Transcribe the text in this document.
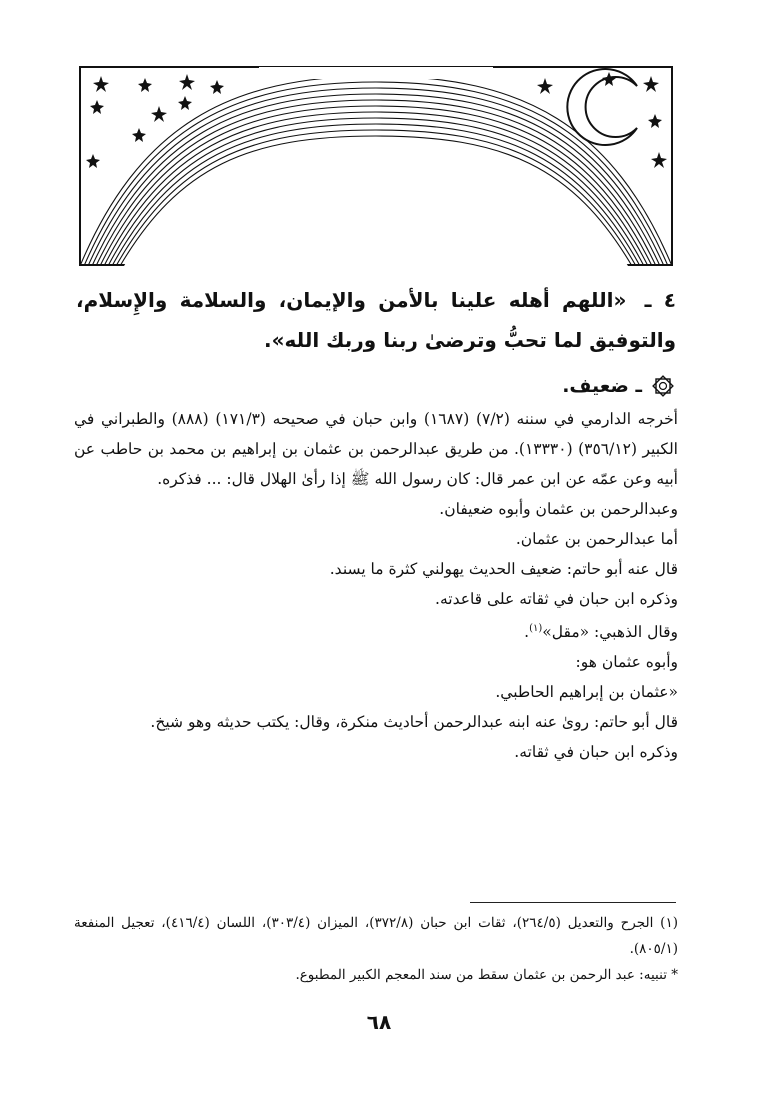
٤ ـ «اللهم أهله علينا بالأمن والإيمان، والسلامة والإِسلام، والتوفيق لما تحبُّ وترضىٰ ربنا وربك الله».
ـ ضعيف.

أخرجه الدارمي في سننه (٧/٢) (١٦٨٧) وابن حبان في صحيحه (١٧١/٣) (٨٨٨) والطبراني في الكبير (٣٥٦/١٢) (١٣٣٣٠). من طريق عبدالرحمن بن عثمان بن إبراهيم بن محمد بن حاطب عن أبيه وعن عمّه عن ابن عمر قال: كان رسول الله ﷺ إذا رأىٰ الهلال قال: ... فذكره.

وعبدالرحمن بن عثمان وأبوه ضعيفان.

أما عبدالرحمن بن عثمان.

قال عنه أبو حاتم: ضعيف الحديث يهولني كثرة ما يسند.

وذكره ابن حبان في ثقاته على قاعدته.

وقال الذهبي: «مقل»$^{(١)}$.

وأبوه عثمان هو:

«عثمان بن إبراهيم الحاطبي.

قال أبو حاتم: روىٰ عنه ابنه عبدالرحمن أحاديث منكرة، وقال: يكتب حديثه وهو شيخ.

وذكره ابن حبان في ثقاته.

(١) الجرح والتعديل (٢٦٤/٥)، ثقات ابن حبان (٣٧٢/٨)، الميزان (٣٠٣/٤)، اللسان (٤١٦/٤)، تعجيل المنفعة (٨٠٥/١).

* تنبيه: عبد الرحمن بن عثمان سقط من سند المعجم الكبير المطبوع.

٦٨
